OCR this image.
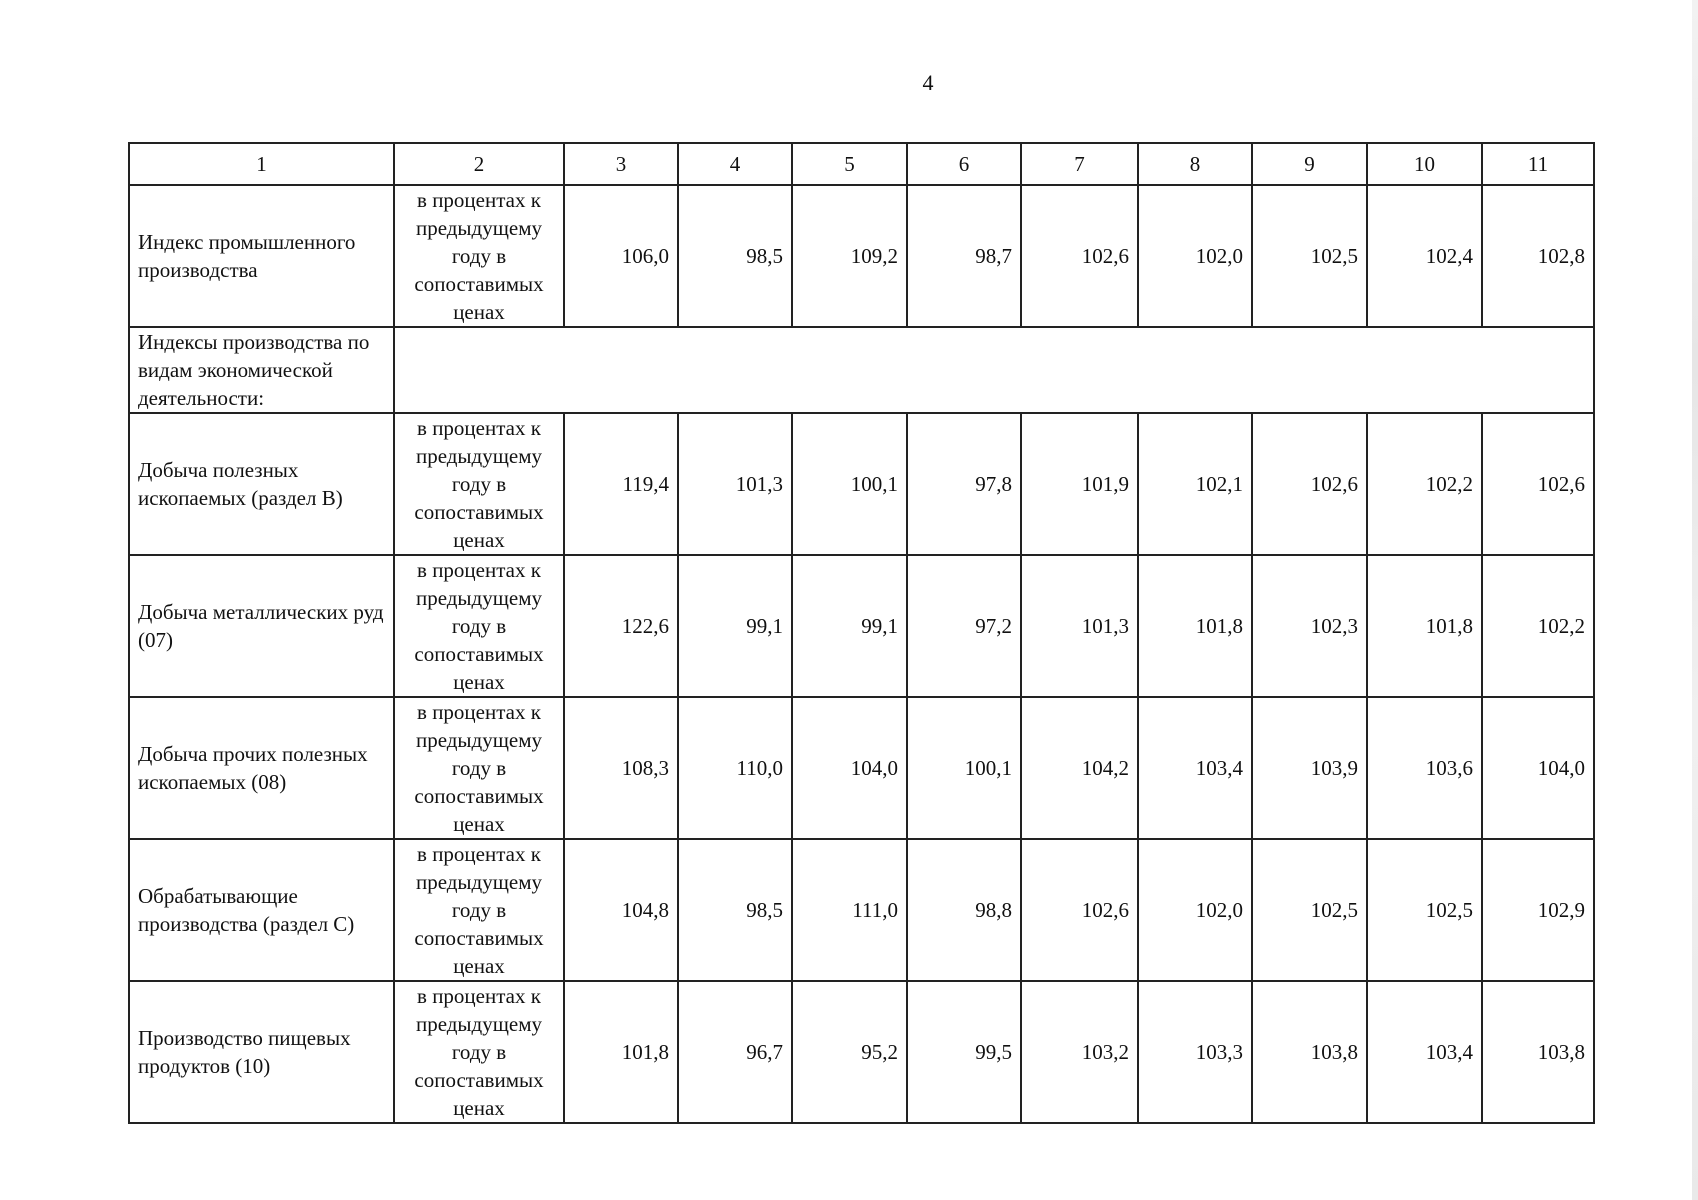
4
1	2	3	4	5	6	7	8	9	10	11
Индекс промышленного производства	в процентах к предыдущему году в сопоставимых ценах	106,0	98,5	109,2	98,7	102,6	102,0	102,5	102,4	102,8
Индексы производства по видам экономической деятельности:										
Добыча полезных ископаемых (раздел B)	в процентах к предыдущему году в сопоставимых ценах	119,4	101,3	100,1	97,8	101,9	102,1	102,6	102,2	102,6
Добыча металлических руд (07)	в процентах к предыдущему году в сопоставимых ценах	122,6	99,1	99,1	97,2	101,3	101,8	102,3	101,8	102,2
Добыча прочих полезных ископаемых (08)	в процентах к предыдущему году в сопоставимых ценах	108,3	110,0	104,0	100,1	104,2	103,4	103,9	103,6	104,0
Обрабатывающие производства (раздел C)	в процентах к предыдущему году в сопоставимых ценах	104,8	98,5	111,0	98,8	102,6	102,0	102,5	102,5	102,9
Производство пищевых продуктов (10)	в процентах к предыдущему году в сопоставимых ценах	101,8	96,7	95,2	99,5	103,2	103,3	103,8	103,4	103,8
